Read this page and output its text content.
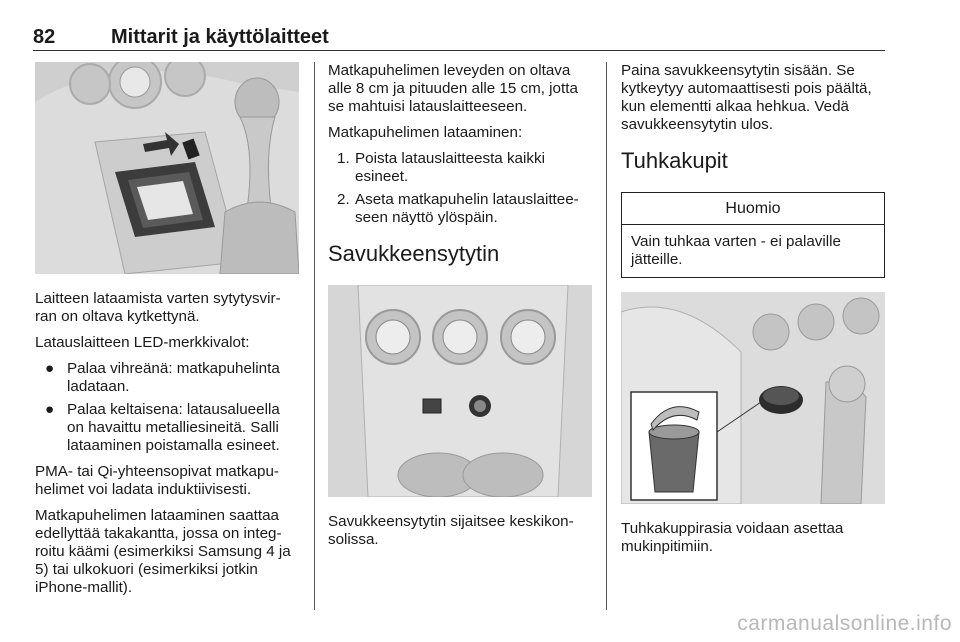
82	Mittarit ja käyttölaitteet

Laitteen lataamista varten sytytysvir-ran on oltava kytkettynä.

Latauslaitteen LED-merkkivalot:

● Palaa vihreänä: matkapuhelinta ladataan.
● Palaa keltaisena: latausalueella on havaittu metalliesineitä. Salli lataaminen poistamalla esineet.

PMA- tai Qi-yhteensopivat matkapu-helimet voi ladata induktiivisesti.

Matkapuhelimen lataaminen saattaa edellyttää takakantta, jossa on integ-roitu käämi (esimerkiksi Samsung 4 ja 5) tai ulkokuori (esimerkiksi jotkin iPhone-mallit).

Matkapuhelimen leveyden on oltava alle 8 cm ja pituuden alle 15 cm, jotta se mahtuisi latauslaitteeseen.

Matkapuhelimen lataaminen:

1. Poista latauslaitteesta kaikki esineet.
2. Aseta matkapuhelin latauslaittee-seen näyttö ylöspäin.
Savukkeensytytin

Savukkeensytytin sijaitsee keskikon-solissa.

Paina savukkeensytytin sisään. Se kytkeytyy automaattisesti pois päältä, kun elementti alkaa hehkua. Vedä savukkeensytytin ulos.

Tuhkakupit
Huomio
Vain tuhkaa varten - ei palaville jätteille.

Tuhkakuppirasia voidaan asettaa mukinpitimiin.

carmanualsonline.info
